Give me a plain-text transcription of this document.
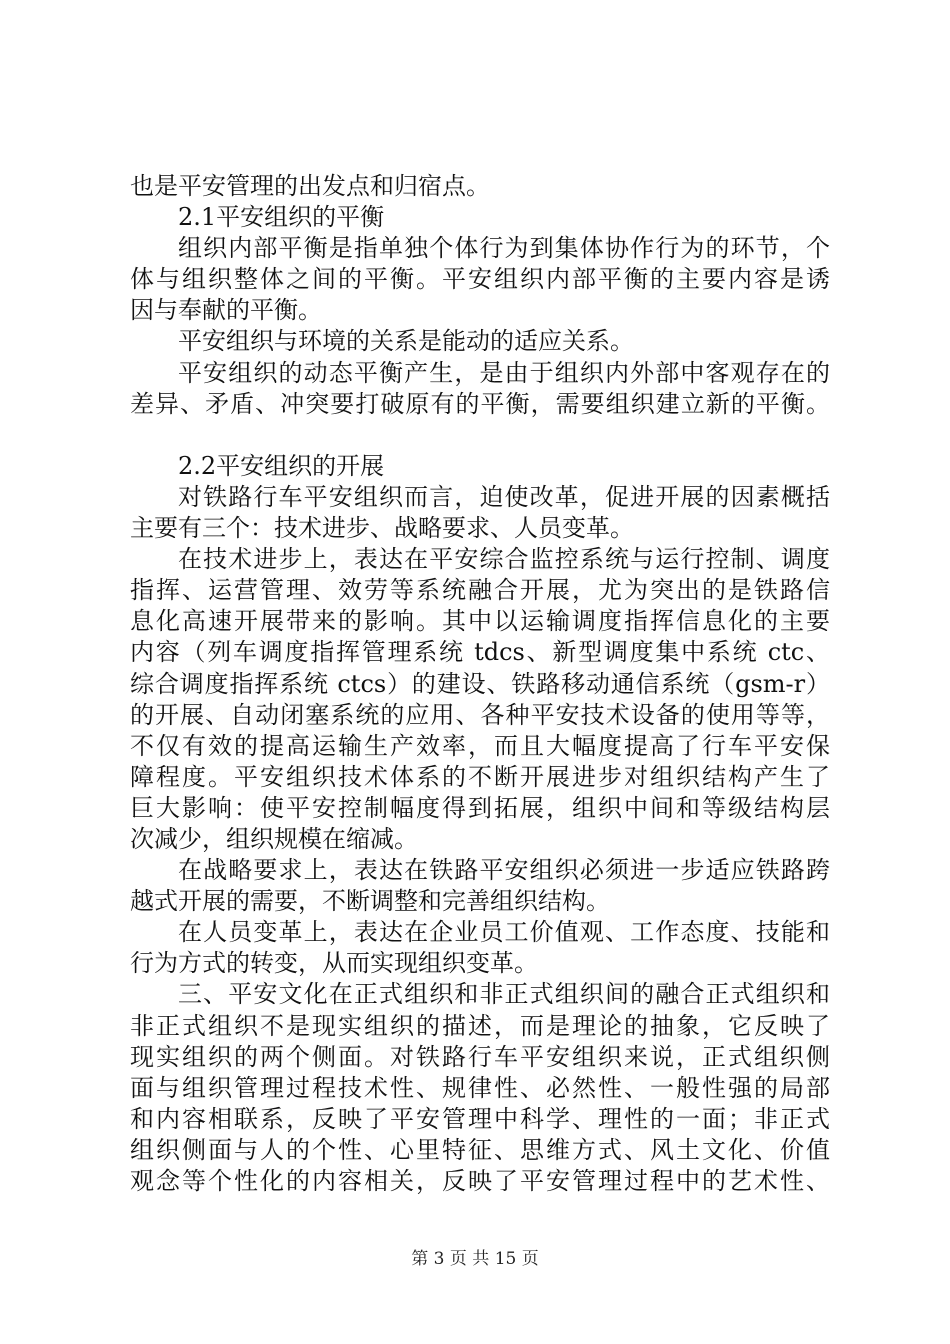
也是平安管理的出发点和归宿点。
2.1平安组织的平衡
组织内部平衡是指单独个体行为到集体协作行为的环节，个
体与组织整体之间的平衡。平安组织内部平衡的主要内容是诱
因与奉献的平衡。
平安组织与环境的关系是能动的适应关系。
平安组织的动态平衡产生，是由于组织内外部中客观存在的
差异、矛盾、冲突要打破原有的平衡，需要组织建立新的平衡。
2.2平安组织的开展
对铁路行车平安组织而言，迫使改革，促进开展的因素概括
主要有三个：技术进步、战略要求、人员变革。
在技术进步上，表达在平安综合监控系统与运行控制、调度
指挥、运营管理、效劳等系统融合开展，尤为突出的是铁路信
息化高速开展带来的影响。其中以运输调度指挥信息化的主要
内容（列车调度指挥管理系统 tdcs、新型调度集中系统 ctc、
综合调度指挥系统 ctcs）的建设、铁路移动通信系统（gsm-r）
的开展、自动闭塞系统的应用、各种平安技术设备的使用等等，
不仅有效的提高运输生产效率，而且大幅度提高了行车平安保
障程度。平安组织技术体系的不断开展进步对组织结构产生了
巨大影响：使平安控制幅度得到拓展，组织中间和等级结构层
次减少，组织规模在缩减。
在战略要求上，表达在铁路平安组织必须进一步适应铁路跨
越式开展的需要，不断调整和完善组织结构。
在人员变革上，表达在企业员工价值观、工作态度、技能和
行为方式的转变，从而实现组织变革。
三、平安文化在正式组织和非正式组织间的融合正式组织和
非正式组织不是现实组织的描述，而是理论的抽象，它反映了
现实组织的两个侧面。对铁路行车平安组织来说，正式组织侧
面与组织管理过程技术性、规律性、必然性、一般性强的局部
和内容相联系，反映了平安管理中科学、理性的一面；非正式
组织侧面与人的个性、心里特征、思维方式、风土文化、价值
观念等个性化的内容相关，反映了平安管理过程中的艺术性、
第 3 页 共 15 页
